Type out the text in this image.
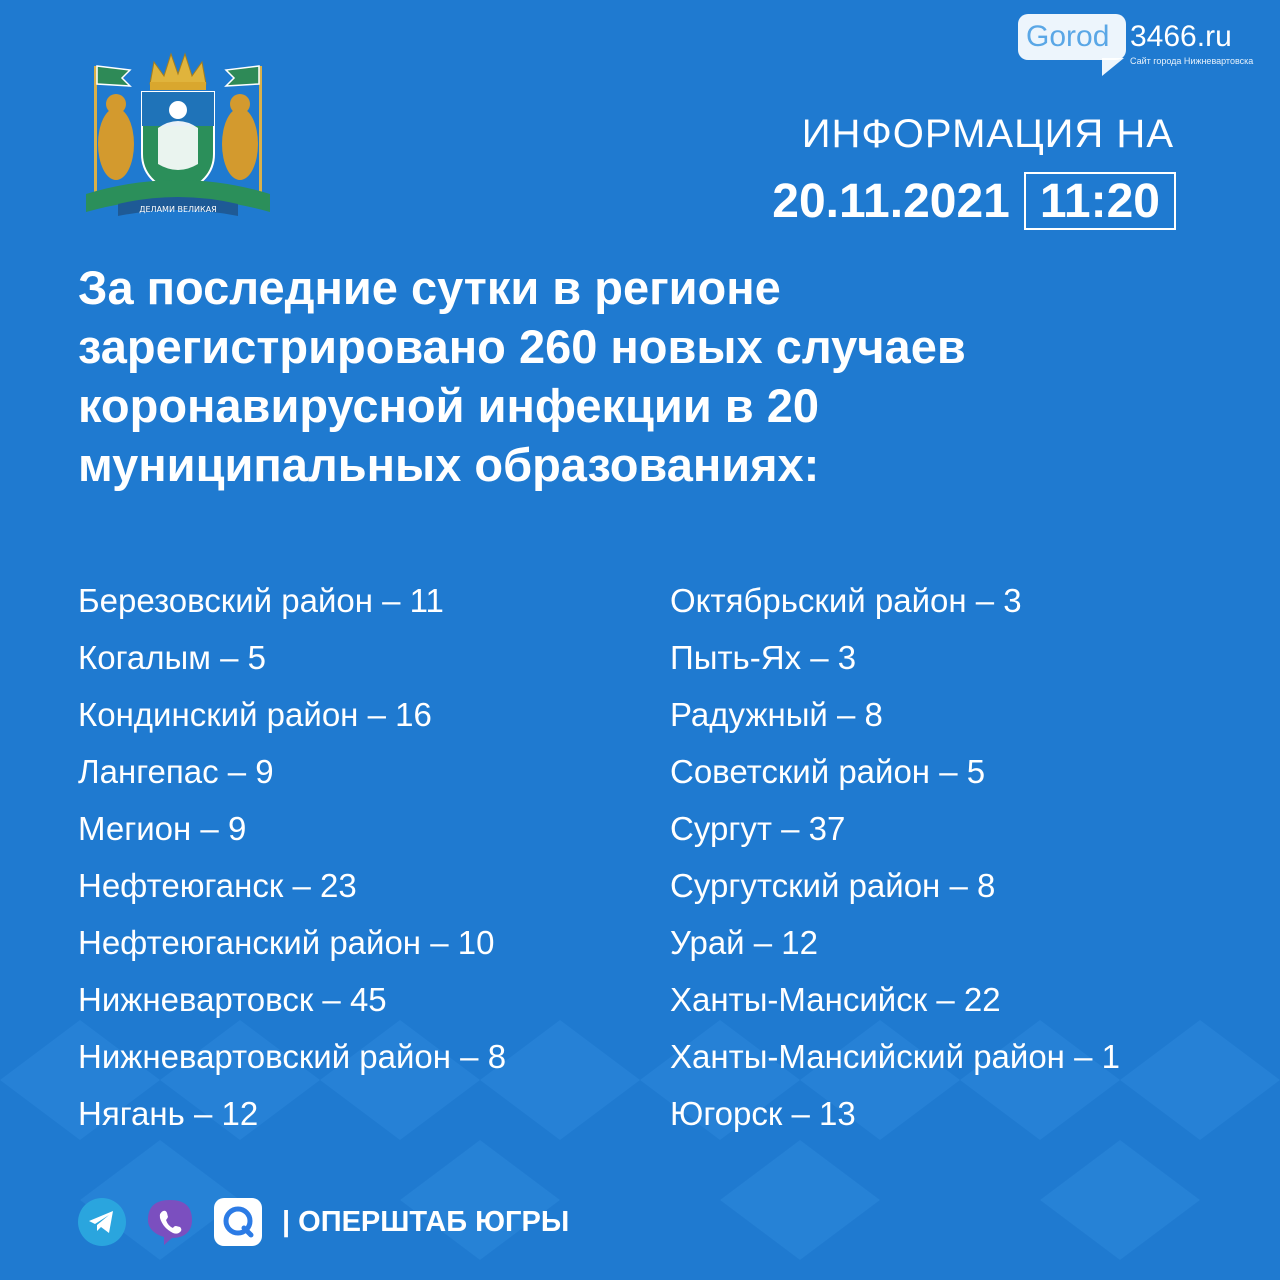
Gorod 3466.ru
Сайт города Нижневартовска
ДЕЛАМИ ВЕЛИКАЯ
ИНФОРМАЦИЯ НА
20.11.2021 11:20

За последние сутки в регионе зарегистрировано 260 новых случаев коронавирусной инфекции в 20 муниципальных образованиях:

Березовский район – 11
Когалым – 5
Кондинский район – 16
Лангепас – 9
Мегион – 9
Нефтеюганск – 23
Нефтеюганский район – 10
Нижневартовск – 45
Нижневартовский район – 8
Нягань – 12
Октябрьский район – 3
Пыть-Ях – 3
Радужный – 8
Советский район – 5
Сургут – 37
Сургутский район – 8
Урай – 12
Ханты-Мансийск – 22
Ханты-Мансийский район – 1
Югорск – 13
| ОПЕРШТАБ ЮГРЫ
